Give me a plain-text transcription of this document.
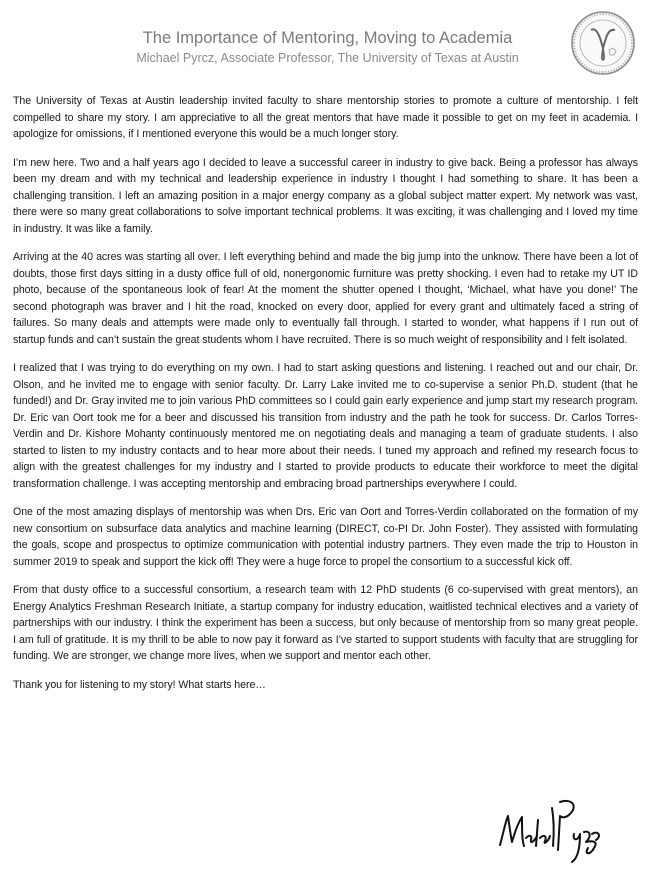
The Importance of Mentoring, Moving to Academia
Michael Pyrcz, Associate Professor, The University of Texas at Austin

The University of Texas at Austin leadership invited faculty to share mentorship stories to promote a culture of mentorship. I felt compelled to share my story. I am appreciative to all the great mentors that have made it possible to get on my feet in academia. I apologize for omissions, if I mentioned everyone this would be a much longer story.

I’m new here. Two and a half years ago I decided to leave a successful career in industry to give back. Being a professor has always been my dream and with my technical and leadership experience in industry I thought I had something to share. It has been a challenging transition. I left an amazing position in a major energy company as a global subject matter expert. My network was vast, there were so many great collaborations to solve important technical problems. It was exciting, it was challenging and I loved my time in industry. It was like a family.

Arriving at the 40 acres was starting all over. I left everything behind and made the big jump into the unknow. There have been a lot of doubts, those first days sitting in a dusty office full of old, nonergonomic furniture was pretty shocking. I even had to retake my UT ID photo, because of the spontaneous look of fear! At the moment the shutter opened I thought, ‘Michael, what have you done!’ The second photograph was braver and I hit the road, knocked on every door, applied for every grant and ultimately faced a string of failures. So many deals and attempts were made only to eventually fall through. I started to wonder, what happens if I run out of startup funds and can’t sustain the great students whom I have recruited. There is so much weight of responsibility and I felt isolated.

I realized that I was trying to do everything on my own. I had to start asking questions and listening. I reached out and our chair, Dr. Olson, and he invited me to engage with senior faculty. Dr. Larry Lake invited me to co-supervise a senior Ph.D. student (that he funded!) and Dr. Gray invited me to join various PhD committees so I could gain early experience and jump start my research program. Dr. Eric van Oort took me for a beer and discussed his transition from industry and the path he took for success. Dr. Carlos Torres-Verdin and Dr. Kishore Mohanty continuously mentored me on negotiating deals and managing a team of graduate students. I also started to listen to my industry contacts and to hear more about their needs. I tuned my approach and refined my research focus to align with the greatest challenges for my industry and I started to provide products to educate their workforce to meet the digital transformation challenge. I was accepting mentorship and embracing broad partnerships everywhere I could.

One of the most amazing displays of mentorship was when Drs. Eric van Oort and Torres-Verdin collaborated on the formation of my new consortium on subsurface data analytics and machine learning (DIRECT, co-PI Dr. John Foster). They assisted with formulating the goals, scope and prospectus to optimize communication with potential industry partners. They even made the trip to Houston in summer 2019 to speak and support the kick off! They were a huge force to propel the consortium to a successful kick off.

From that dusty office to a successful consortium, a research team with 12 PhD students (6 co-supervised with great mentors), an Energy Analytics Freshman Research Initiate, a startup company for industry education, waitlisted technical electives and a variety of partnerships with our industry. I think the experiment has been a success, but only because of mentorship from so many great people. I am full of gratitude. It is my thrill to be able to now pay it forward as I’ve started to support students with faculty that are struggling for funding. We are stronger, we change more lives, when we support and mentor each other.

Thank you for listening to my story! What starts here…
